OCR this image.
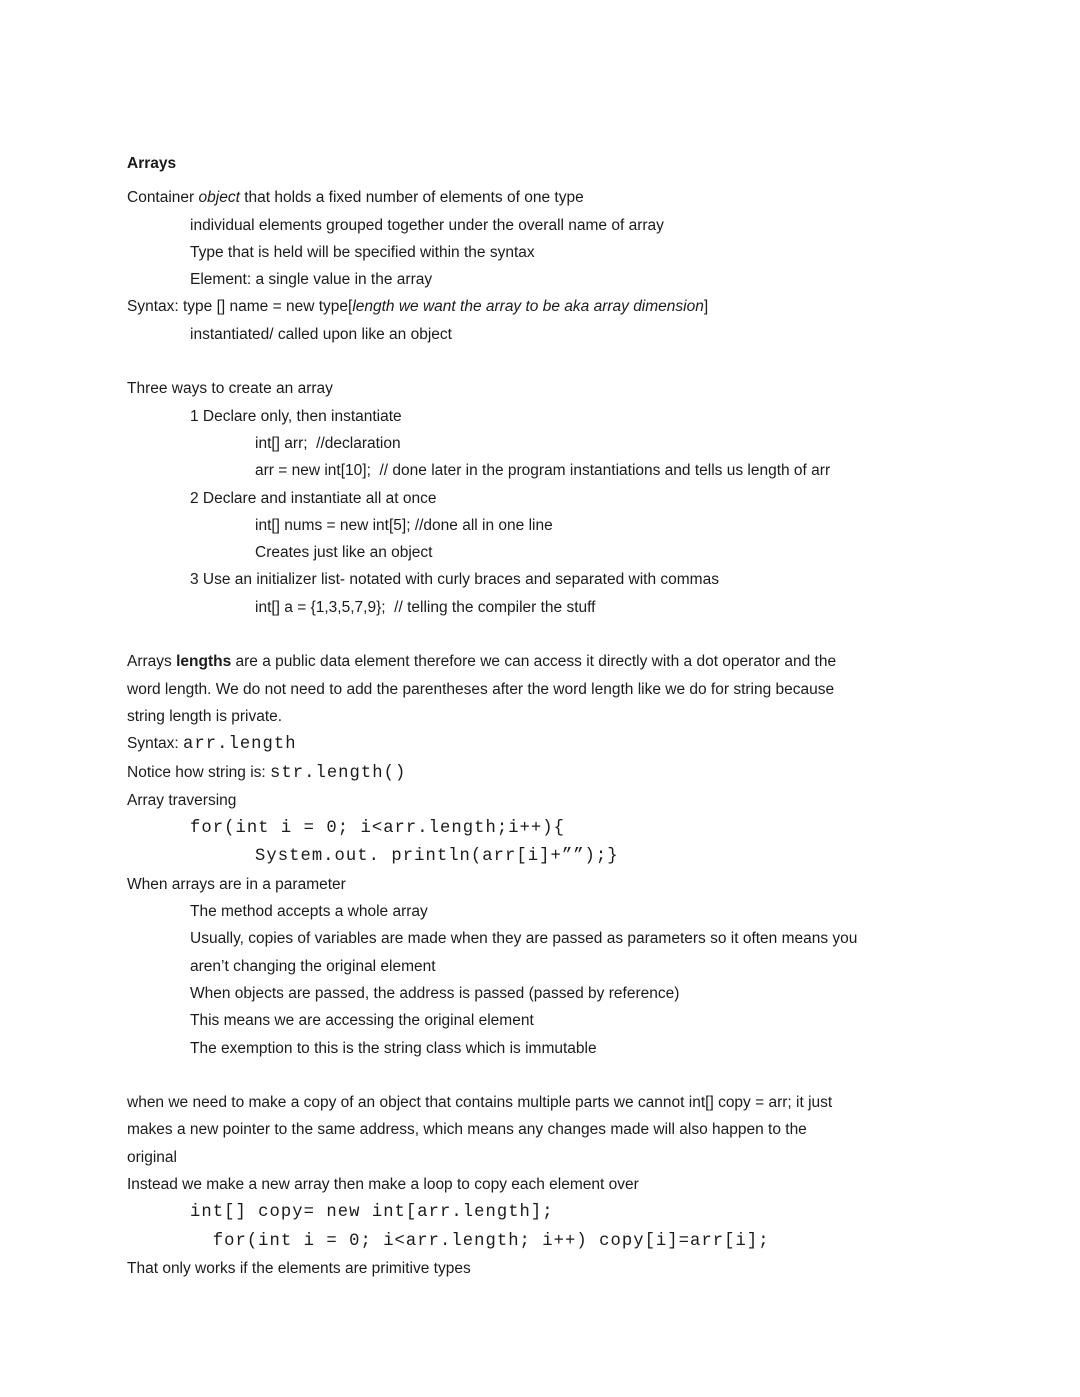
Arrays
Container object that holds a fixed number of elements of one type
individual elements grouped together under the overall name of array
Type that is held will be specified within the syntax
Element: a single value in the array
Syntax: type [] name = new type[length we want the array to be aka array dimension]
instantiated/ called upon like an object
Three ways to create an array
1 Declare only, then instantiate
int[] arr;  //declaration
arr = new int[10];  // done later in the program instantiations and tells us length of arr
2 Declare and instantiate all at once
int[] nums = new int[5]; //done all in one line
Creates just like an object
3 Use an initializer list- notated with curly braces and separated with commas
int[] a = {1,3,5,7,9};  // telling the compiler the stuff
Arrays lengths are a public data element therefore we can access it directly with a dot operator and the
word length. We do not need to add the parentheses after the word length like we do for string because
string length is private.
Syntax: arr.length
Notice how string is: str.length()
Array traversing
for(int i = 0; i<arr.length;i++){
System.out. println(arr[i]+””);}
When arrays are in a parameter
The method accepts a whole array
Usually, copies of variables are made when they are passed as parameters so it often means you
aren’t changing the original element
When objects are passed, the address is passed (passed by reference)
This means we are accessing the original element
The exemption to this is the string class which is immutable
when we need to make a copy of an object that contains multiple parts we cannot int[] copy = arr; it just
makes a new pointer to the same address, which means any changes made will also happen to the
original
Instead we make a new array then make a loop to copy each element over
int[] copy= new int[arr.length];
for(int i = 0; i<arr.length; i++) copy[i]=arr[i];
That only works if the elements are primitive types
